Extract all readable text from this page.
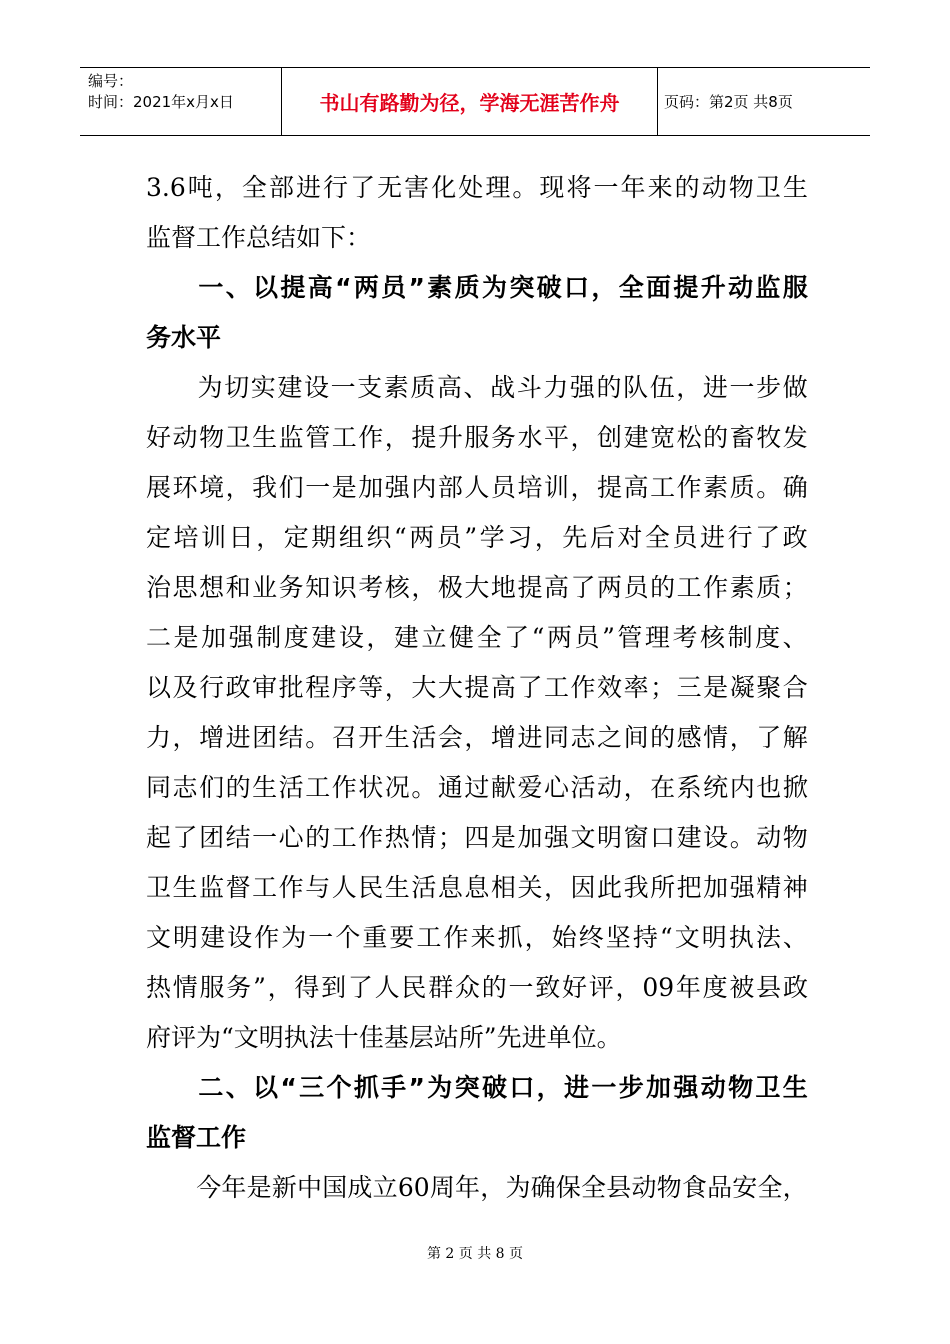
编号：
时间：2021年x月x日	书山有路勤为径，学海无涯苦作舟	页码：第2页 共8页
3.6 吨 ， 全 部 进 行 了 无 害 化 处 理 。 现 将 一 年 来 的 动 物 卫 生
监督工作总结如下：

一 、 以 提 高 “ 两 员 ” 素 质 为 突 破 口 ， 全 面 提 升 动 监 服
务水平

为 切 实 建 设 一 支 素 质 高 、 战 斗 力 强 的 队 伍 ， 进 一 步 做
好 动 物 卫 生 监 管 工 作 ， 提 升 服 务 水 平 ， 创 建 宽 松 的 畜 牧 发
展 环 境 ， 我 们 一 是 加 强 内 部 人 员 培 训 ， 提 高 工 作 素 质 。 确
定 培 训 日 ， 定 期 组 织 “ 两 员 ” 学 习 ， 先 后 对 全 员 进 行 了 政
治 思 想 和 业 务 知 识 考 核 ， 极 大 地 提 高 了 两 员 的 工 作 素 质 ；
二 是 加 强 制 度 建 设 ， 建 立 健 全 了 “ 两 员 ” 管 理 考 核 制 度 、
以 及 行 政 审 批 程 序 等 ， 大 大 提 高 了 工 作 效 率 ； 三 是 凝 聚 合
力 ， 增 进 团 结 。 召 开 生 活 会 ， 增 进 同 志 之 间 的 感 情 ， 了 解
同 志 们 的 生 活 工 作 状 况 。 通 过 献 爱 心 活 动 ， 在 系 统 内 也 掀
起 了 团 结 一 心 的 工 作 热 情 ； 四 是 加 强 文 明 窗 口 建 设 。 动 物
卫 生 监 督 工 作 与 人 民 生 活 息 息 相 关 ， 因 此 我 所 把 加 强 精 神
文 明 建 设 作 为 一 个 重 要 工 作 来 抓 ， 始 终 坚 持 “ 文 明 执 法 、
热 情 服 务 ” ， 得 到 了 人 民 群 众 的 一 致 好 评 ， 09 年 度 被 县 政
府评为“文明执法十佳基层站所”先进单位。

二 、 以 “ 三 个 抓 手 ” 为 突 破 口 ， 进 一 步 加 强 动 物 卫 生
监督工作

今 年 是 新 中 国 成 立 60 周 年 ， 为 确 保 全 县 动 物 食 品 安 全 ，
第 2 页 共 8 页
